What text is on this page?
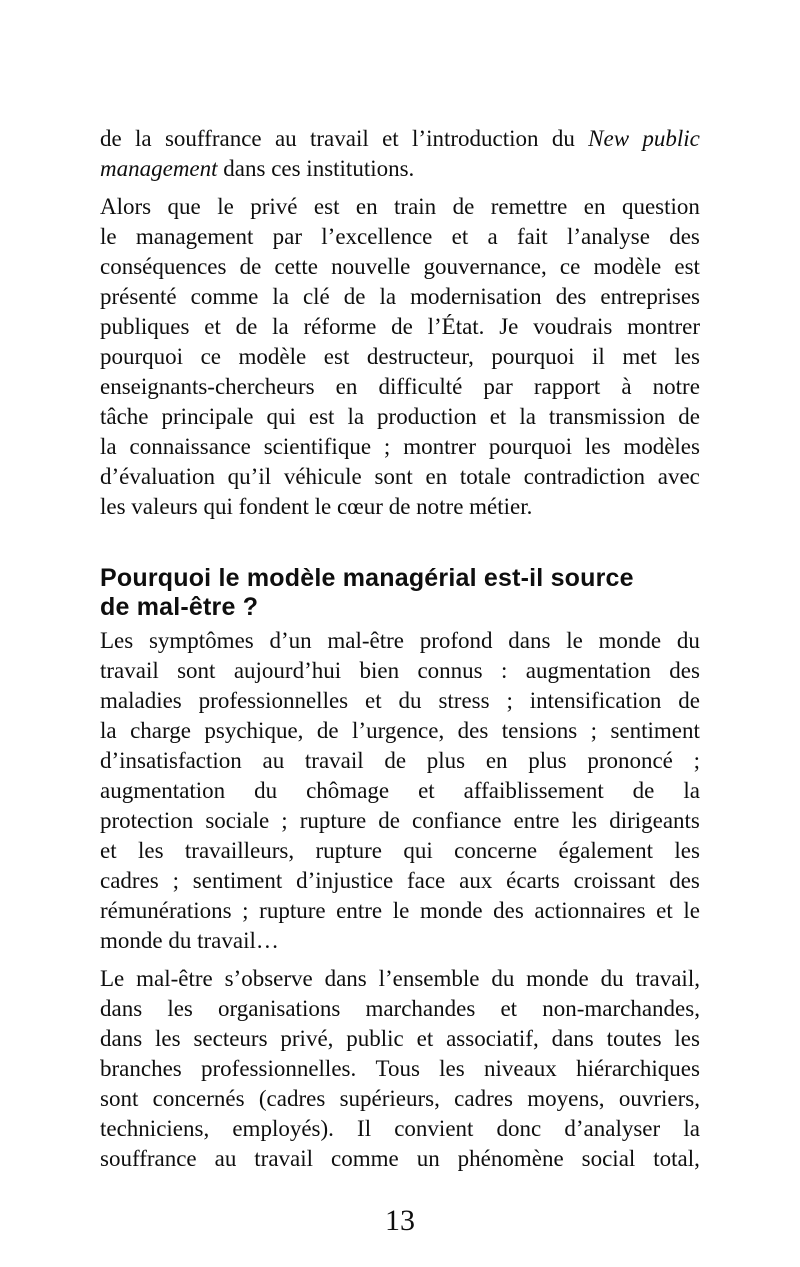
de la souffrance au travail et l’introduction du New public
management dans ces institutions.
Alors que le privé est en train de remettre en question
le management par l’excellence et a fait l’analyse des
conséquences de cette nouvelle gouvernance, ce modèle est
présenté comme la clé de la modernisation des entreprises
publiques et de la réforme de l’État. Je voudrais montrer
pourquoi ce modèle est destructeur, pourquoi il met les
enseignants-chercheurs en difficulté par rapport à notre
tâche principale qui est la production et la transmission de
la connaissance scientifique ; montrer pourquoi les modèles
d’évaluation qu’il véhicule sont en totale contradiction avec
les valeurs qui fondent le cœur de notre métier.
Pourquoi le modèle managérial est-il source
de mal-être ?
Les symptômes d’un mal-être profond dans le monde du
travail sont aujourd’hui bien connus : augmentation des
maladies professionnelles et du stress ; intensification de
la charge psychique, de l’urgence, des tensions ; sentiment
d’insatisfaction au travail de plus en plus prononcé ;
augmentation du chômage et affaiblissement de la
protection sociale ; rupture de confiance entre les dirigeants
et les travailleurs, rupture qui concerne également les
cadres ; sentiment d’injustice face aux écarts croissant des
rémunérations ; rupture entre le monde des actionnaires et le
monde du travail…
Le mal-être s’observe dans l’ensemble du monde du travail,
dans les organisations marchandes et non-marchandes,
dans les secteurs privé, public et associatif, dans toutes les
branches professionnelles. Tous les niveaux hiérarchiques
sont concernés (cadres supérieurs, cadres moyens, ouvriers,
techniciens, employés). Il convient donc d’analyser la
souffrance au travail comme un phénomène social total,
13
